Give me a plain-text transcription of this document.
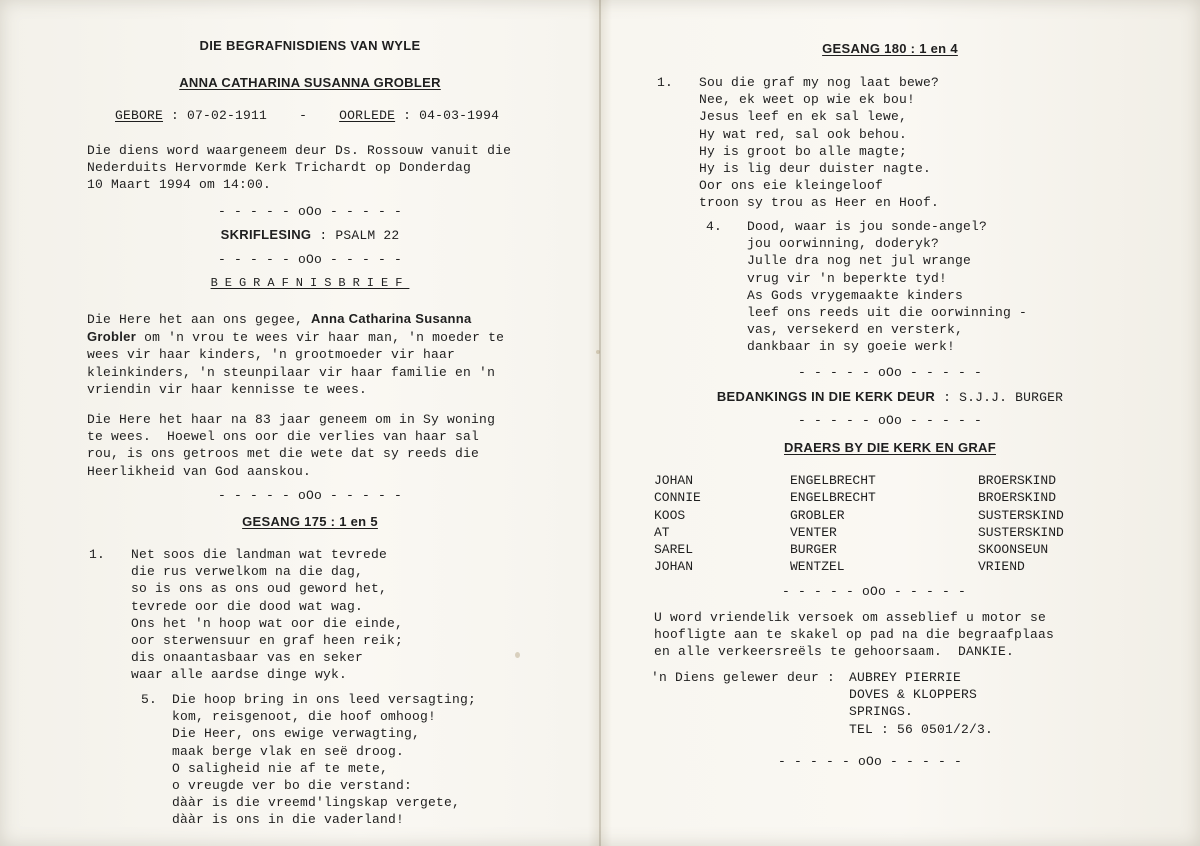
DIE BEGRAFNISDIENS VAN WYLE
ANNA CATHARINA SUSANNA GROBLER
GEBORE : 07-02-1911 - OORLEDE : 04-03-1994
Die diens word waargeneem deur Ds. Rossouw vanuit die
Nederduits Hervormde Kerk Trichardt op Donderdag
10 Maart 1994 om 14:00.
- - - - - oOo - - - - -
SKRIFLESING : PSALM 22
- - - - - oOo - - - - -
BEGRAFNISBRIEF
Die Here het aan ons gegee, Anna Catharina Susanna
Grobler om 'n vrou te wees vir haar man, 'n moeder te
wees vir haar kinders, 'n grootmoeder vir haar
kleinkinders, 'n steunpilaar vir haar familie en 'n
vriendin vir haar kennisse te wees.
Die Here het haar na 83 jaar geneem om in Sy woning
te wees.  Hoewel ons oor die verlies van haar sal
rou, is ons getroos met die wete dat sy reeds die
Heerlikheid van God aanskou.
- - - - - oOo - - - - -
GESANG 175 : 1 en 5
1. Net soos die landman wat tevrede
die rus verwelkom na die dag,
so is ons as ons oud geword het,
tevrede oor die dood wat wag.
Ons het 'n hoop wat oor die einde,
oor sterwensuur en graf heen reik;
dis onaantasbaar vas en seker
waar alle aardse dinge wyk.
5. Die hoop bring in ons leed versagting;
kom, reisgenoot, die hoof omhoog!
Die Heer, ons ewige verwagting,
maak berge vlak en seë droog.
O saligheid nie af te mete,
o vreugde ver bo die verstand:
dààr is die vreemd'lingskap vergete,
dààr is ons in die vaderland!
GESANG 180 : 1 en 4
1. Sou die graf my nog laat bewe?
Nee, ek weet op wie ek bou!
Jesus leef en ek sal lewe,
Hy wat red, sal ook behou.
Hy is groot bo alle magte;
Hy is lig deur duister nagte.
Oor ons eie kleingeloof
troon sy trou as Heer en Hoof.
4. Dood, waar is jou sonde-angel?
jou oorwinning, doderyk?
Julle dra nog net jul wrange
vrug vir 'n beperkte tyd!
As Gods vrygemaakte kinders
leef ons reeds uit die oorwinning -
vas, versekerd en versterk,
dankbaar in sy goeie werk!
- - - - - oOo - - - - -
BEDANKINGS IN DIE KERK DEUR : S.J.J. BURGER
- - - - - oOo - - - - -
DRAERS BY DIE KERK EN GRAF
JOHAN
CONNIE
KOOS
AT
SAREL
JOHAN
ENGELBRECHT
ENGELBRECHT
GROBLER
VENTER
BURGER
WENTZEL
BROERSKIND
BROERSKIND
SUSTERSKIND
SUSTERSKIND
SKOONSEUN
VRIEND
- - - - - oOo - - - - -
U word vriendelik versoek om asseblief u motor se
hoofligte aan te skakel op pad na die begraafplaas
en alle verkeersreëls te gehoorsaam.  DANKIE.
'n Diens gelewer deur : AUBREY PIERRIE
DOVES & KLOPPERS
SPRINGS.
TEL : 56 0501/2/3.
- - - - - oOo - - - - -
